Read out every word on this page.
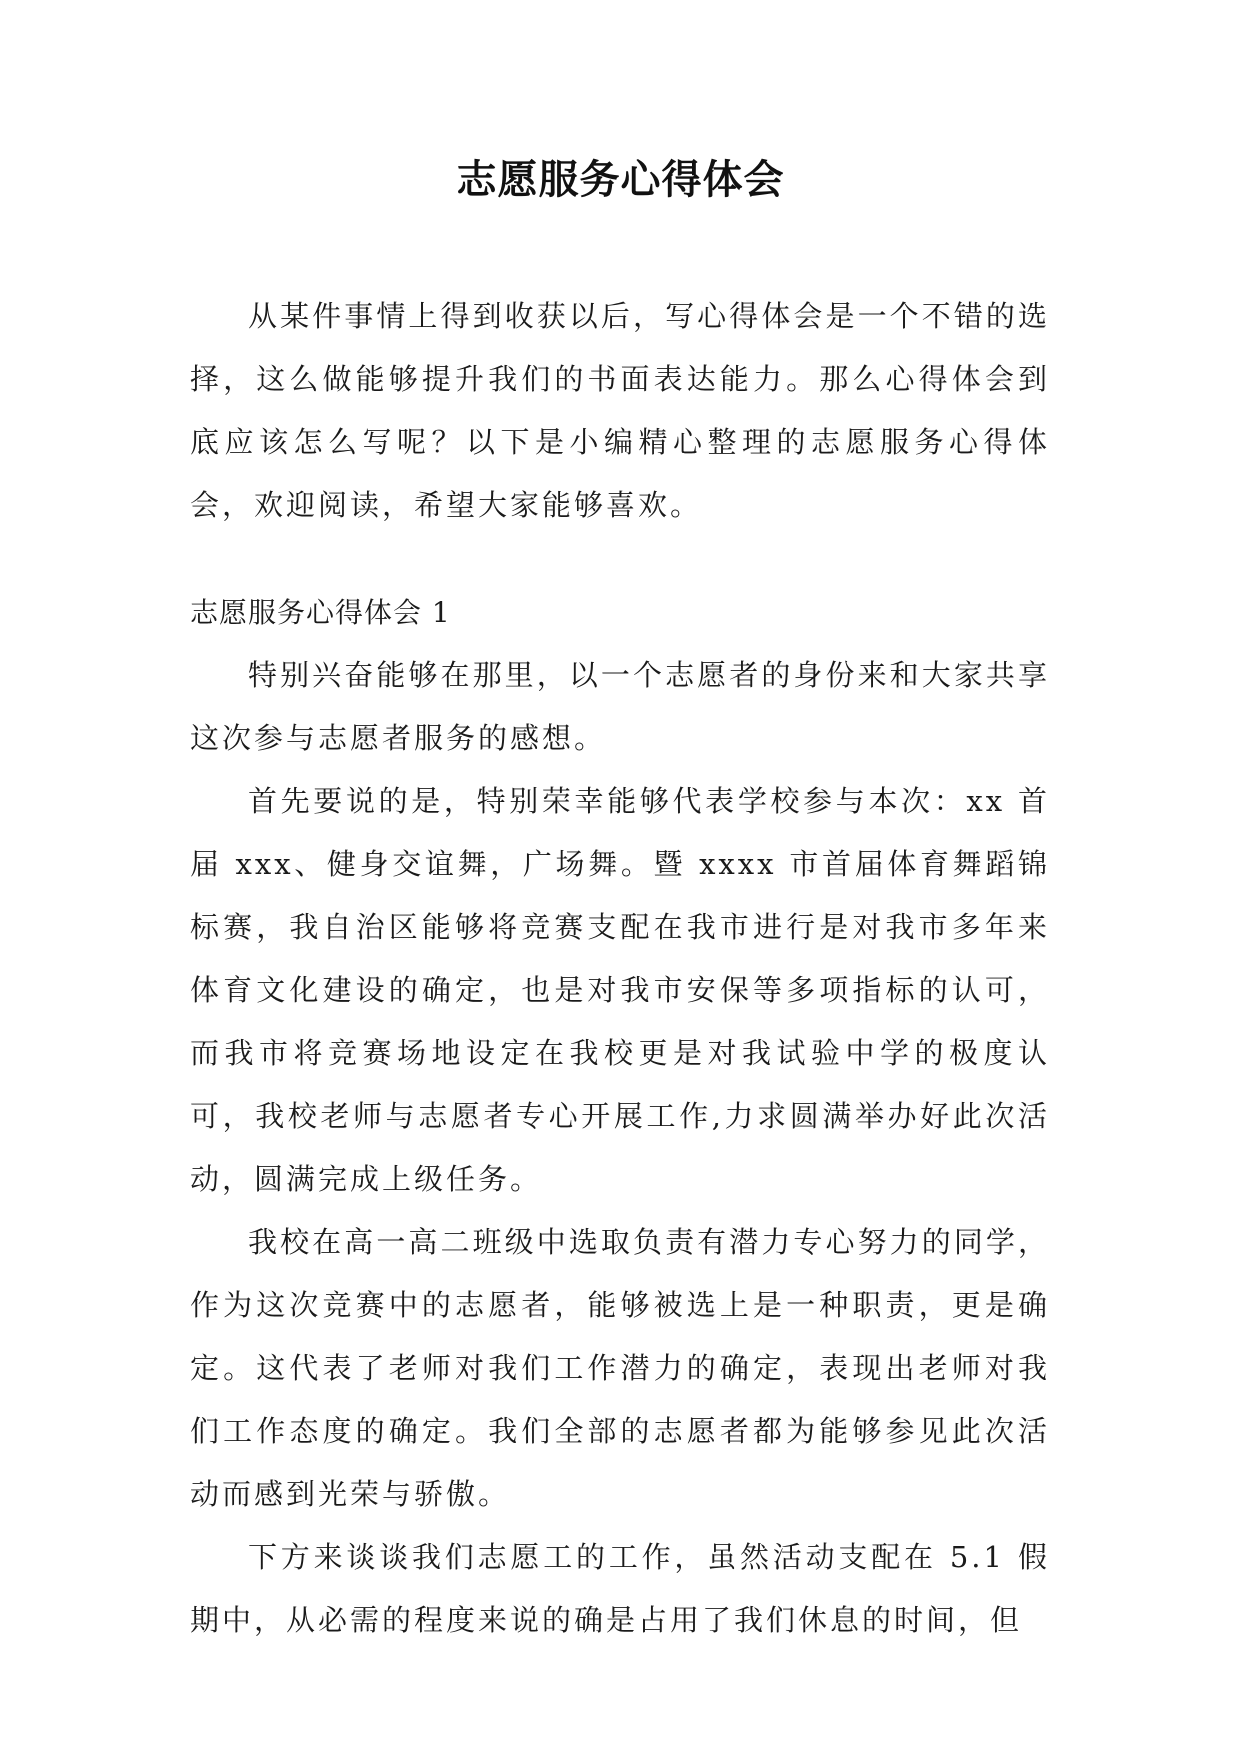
志愿服务心得体会

从某件事情上得到收获以后，写心得体会是一个不错的选择，这么做能够提升我们的书面表达能力。那么心得体会到底应该怎么写呢？以下是小编精心整理的志愿服务心得体会，欢迎阅读，希望大家能够喜欢。

志愿服务心得体会 1

特别兴奋能够在那里，以一个志愿者的身份来和大家共享这次参与志愿者服务的感想。

首先要说的是，特别荣幸能够代表学校参与本次：xx 首届 xxx、健身交谊舞，广场舞。暨 xxxx 市首届体育舞蹈锦标赛，我自治区能够将竞赛支配在我市进行是对我市多年来体育文化建设的确定，也是对我市安保等多项指标的认可，而我市将竞赛场地设定在我校更是对我试验中学的极度认可，我校老师与志愿者专心开展工作,力求圆满举办好此次活动，圆满完成上级任务。

我校在高一高二班级中选取负责有潜力专心努力的同学，作为这次竞赛中的志愿者，能够被选上是一种职责，更是确定。这代表了老师对我们工作潜力的确定，表现出老师对我们工作态度的确定。我们全部的志愿者都为能够参见此次活动而感到光荣与骄傲。

下方来谈谈我们志愿工的工作，虽然活动支配在 5.1 假期中，从必需的程度来说的确是占用了我们休息的时间，但
